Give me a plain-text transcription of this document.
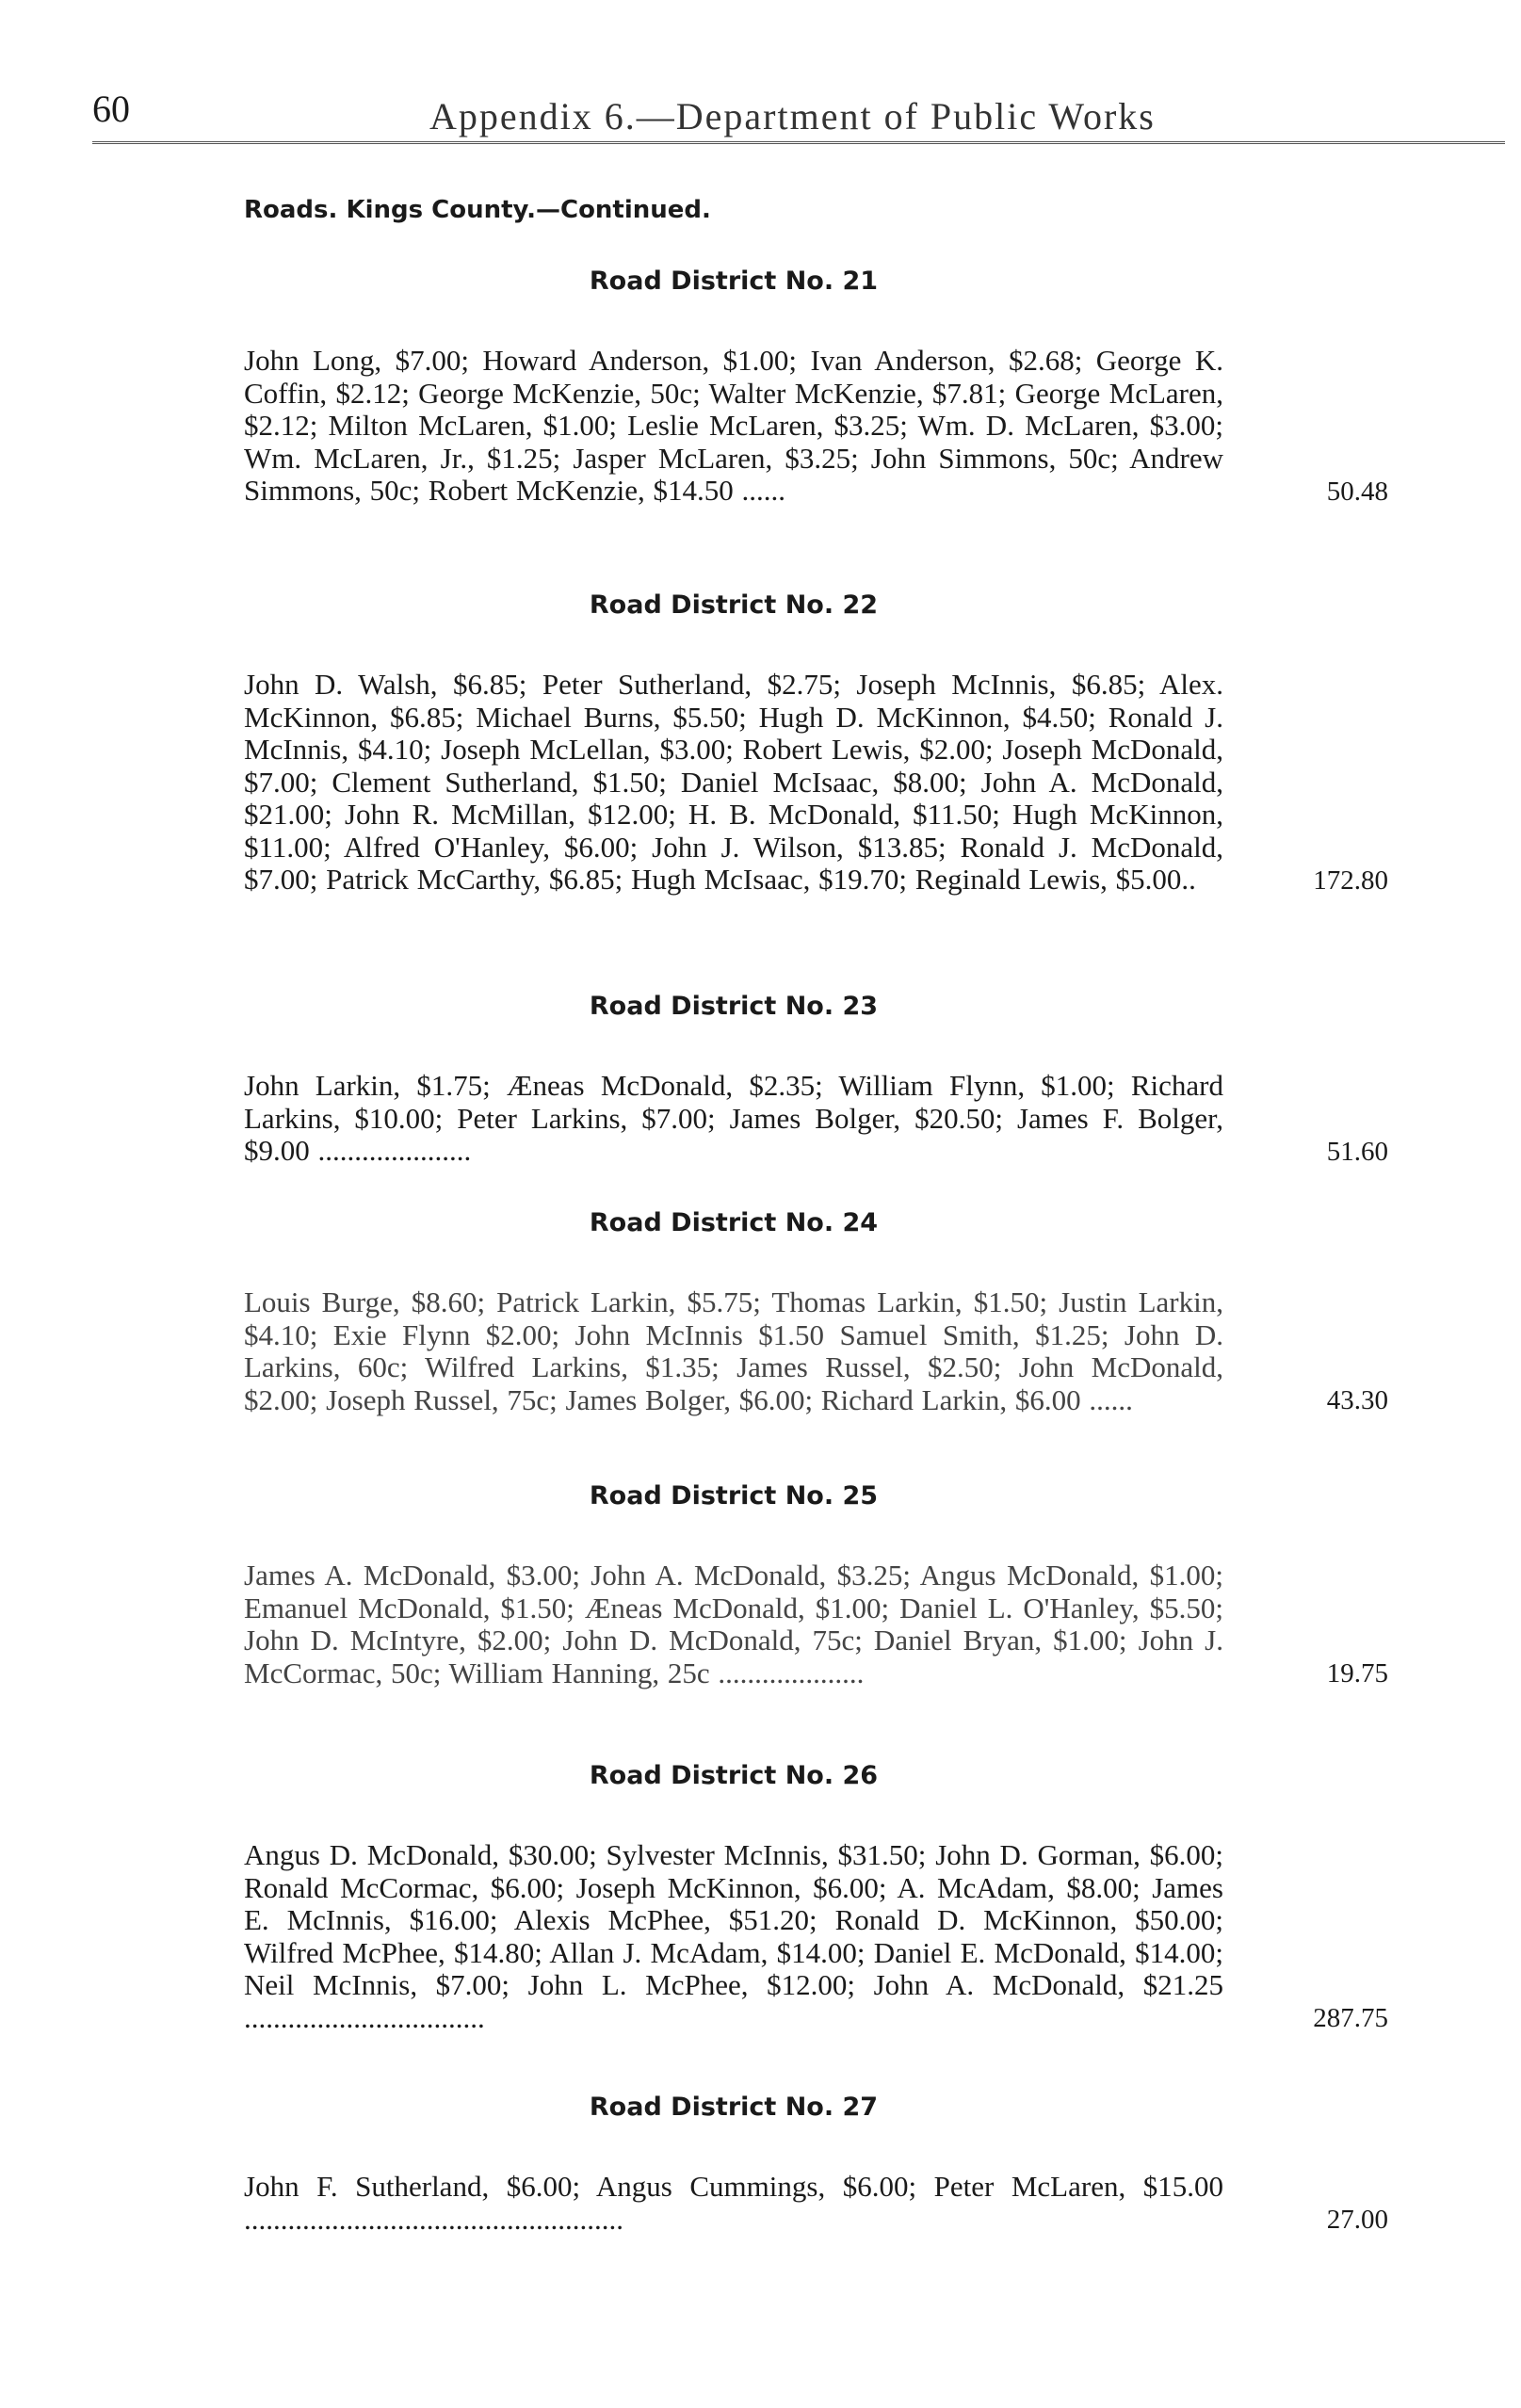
60	Appendix 6.—Department of Public Works
Roads. Kings County.—Continued.
Road District No. 21
John Long, $7.00; Howard Anderson, $1.00; Ivan Anderson, $2.68; George K. Coffin, $2.12; George McKenzie, 50c; Walter McKenzie, $7.81; George McLaren, $2.12; Milton McLaren, $1.00; Leslie McLaren, $3.25; Wm. D. McLaren, $3.00; Wm. McLaren, Jr., $1.25; Jasper McLaren, $3.25; John Simmons, 50c; Andrew Simmons, 50c; Robert McKenzie, $14.50 ......	50.48
Road District No. 22
John D. Walsh, $6.85; Peter Sutherland, $2.75; Joseph McInnis, $6.85; Alex. McKinnon, $6.85; Michael Burns, $5.50; Hugh D. McKinnon, $4.50; Ronald J. McInnis, $4.10; Joseph McLellan, $3.00; Robert Lewis, $2.00; Joseph McDonald, $7.00; Clement Sutherland, $1.50; Daniel McIsaac, $8.00; John A. McDonald, $21.00; John R. McMillan, $12.00; H. B. McDonald, $11.50; Hugh McKinnon, $11.00; Alfred O'Hanley, $6.00; John J. Wilson, $13.85; Ronald J. McDonald, $7.00; Patrick McCarthy, $6.85; Hugh McIsaac, $19.70; Reginald Lewis, $5.00..	172.80
Road District No. 23
John Larkin, $1.75; Æneas McDonald, $2.35; William Flynn, $1.00; Richard Larkins, $10.00; Peter Larkins, $7.00; James Bolger, $20.50; James F. Bolger, $9.00 .....................	51.60
Road District No. 24
Louis Burge, $8.60; Patrick Larkin, $5.75; Thomas Larkin, $1.50; Justin Larkin, $4.10; Exie Flynn $2.00; John McInnis $1.50 Samuel Smith, $1.25; John D. Larkins, 60c; Wilfred Larkins, $1.35; James Russel, $2.50; John McDonald, $2.00; Joseph Russel, 75c; James Bolger, $6.00; Richard Larkin, $6.00 ......	43.30
Road District No. 25
James A. McDonald, $3.00; John A. McDonald, $3.25; Angus McDonald, $1.00; Emanuel McDonald, $1.50; Æneas McDonald, $1.00; Daniel L. O'Hanley, $5.50; John D. McIntyre, $2.00; John D. McDonald, 75c; Daniel Bryan, $1.00; John J. McCormac, 50c; William Hanning, 25c ....................	19.75
Road District No. 26
Angus D. McDonald, $30.00; Sylvester McInnis, $31.50; John D. Gorman, $6.00; Ronald McCormac, $6.00; Joseph McKinnon, $6.00; A. McAdam, $8.00; James E. McInnis, $16.00; Alexis McPhee, $51.20; Ronald D. McKinnon, $50.00; Wilfred McPhee, $14.80; Allan J. McAdam, $14.00; Daniel E. McDonald, $14.00; Neil McInnis, $7.00; John L. McPhee, $12.00; John A. McDonald, $21.25 .................................	287.75
Road District No. 27
John F. Sutherland, $6.00; Angus Cummings, $6.00; Peter McLaren, $15.00 ....................................................	27.00
